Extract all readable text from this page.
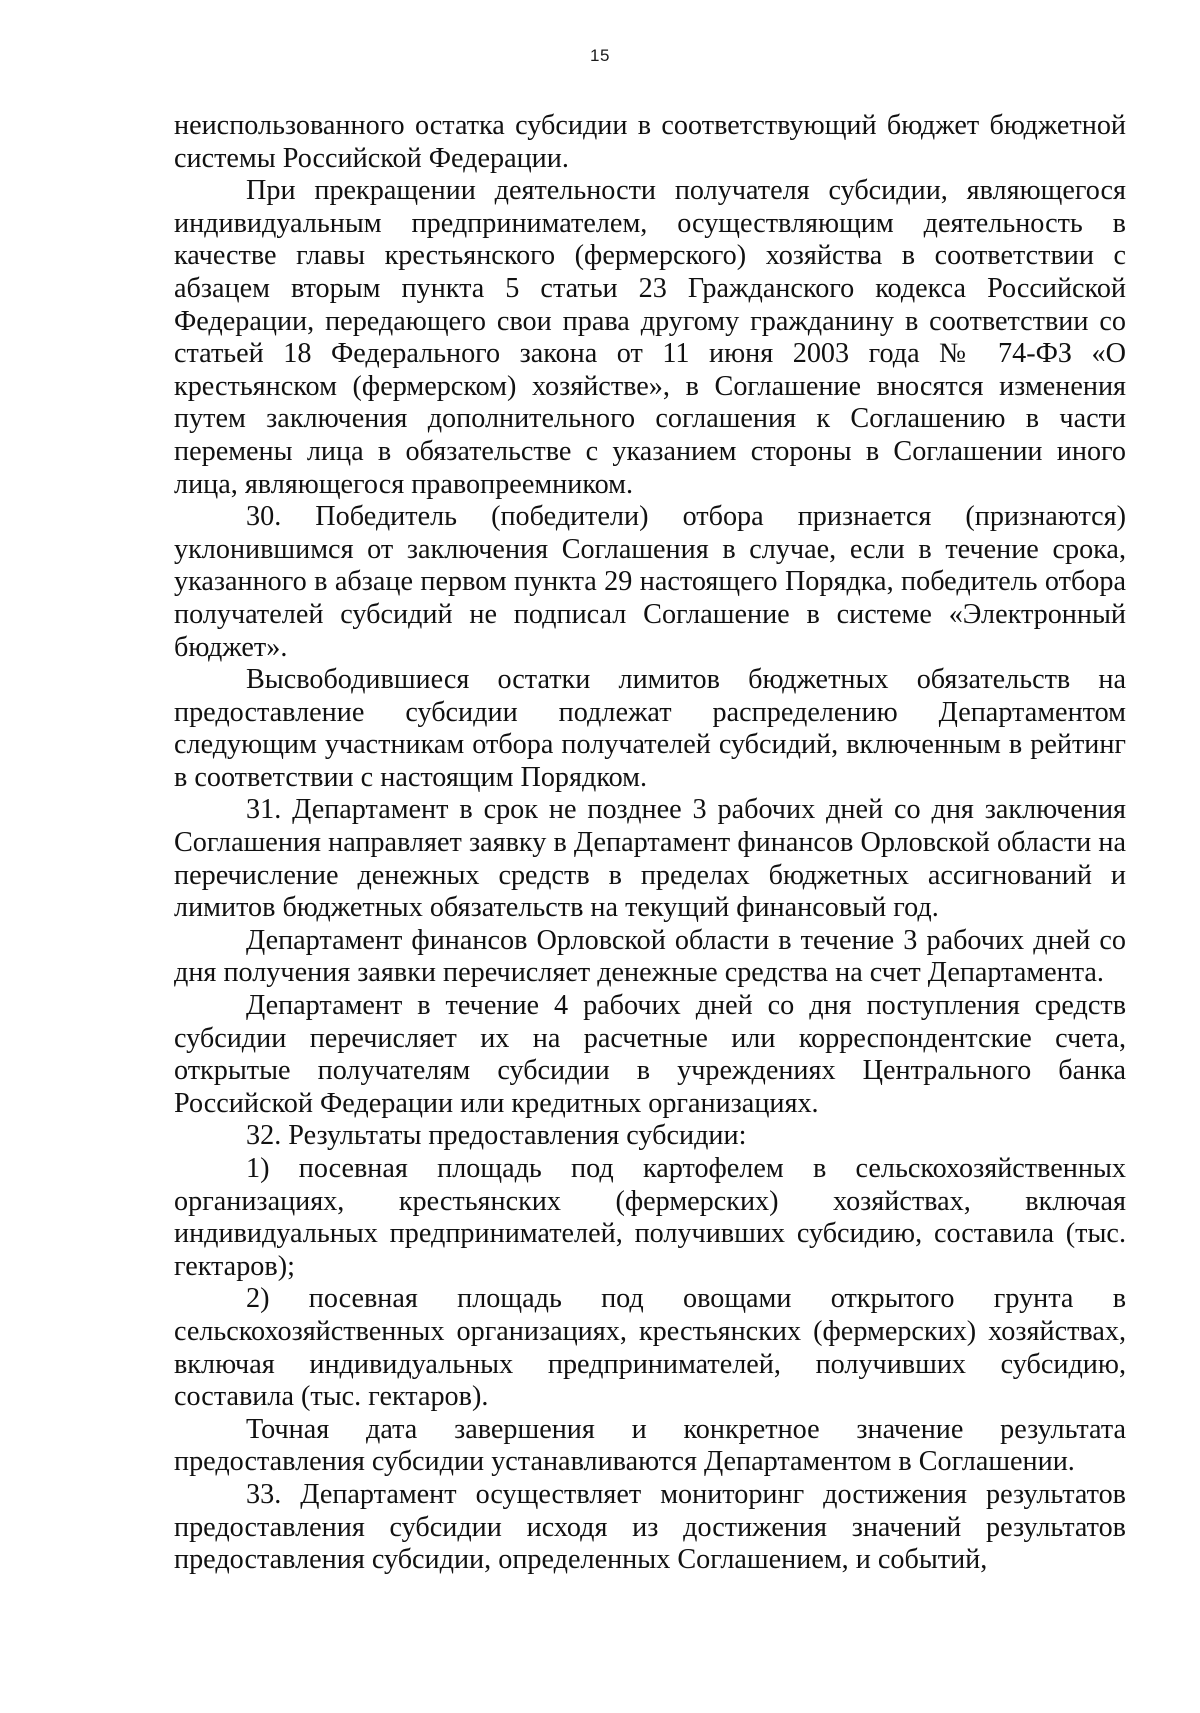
15

неиспользованного остатка субсидии в соответствующий бюджет бюджетной системы Российской Федерации.

При прекращении деятельности получателя субсидии, являющегося индивидуальным предпринимателем, осуществляющим деятельность в качестве главы крестьянского (фермерского) хозяйства в соответствии с абзацем вторым пункта 5 статьи 23 Гражданского кодекса Российской Федерации, передающего свои права другому гражданину в соответствии со статьей 18 Федерального закона от 11 июня 2003 года № 74-ФЗ «О крестьянском (фермерском) хозяйстве», в Соглашение вносятся изменения путем заключения дополнительного соглашения к Соглашению в части перемены лица в обязательстве с указанием стороны в Соглашении иного лица, являющегося правопреемником.

30. Победитель (победители) отбора признается (признаются) уклонившимся от заключения Соглашения в случае, если в течение срока, указанного в абзаце первом пункта 29 настоящего Порядка, победитель отбора получателей субсидий не подписал Соглашение в системе «Электронный бюджет».

Высвободившиеся остатки лимитов бюджетных обязательств на предоставление субсидии подлежат распределению Департаментом следующим участникам отбора получателей субсидий, включенным в рейтинг в соответствии с настоящим Порядком.

31. Департамент в срок не позднее 3 рабочих дней со дня заключения Соглашения направляет заявку в Департамент финансов Орловской области на перечисление денежных средств в пределах бюджетных ассигнований и лимитов бюджетных обязательств на текущий финансовый год.

Департамент финансов Орловской области в течение 3 рабочих дней со дня получения заявки перечисляет денежные средства на счет Департамента.

Департамент в течение 4 рабочих дней со дня поступления средств субсидии перечисляет их на расчетные или корреспондентские счета, открытые получателям субсидии в учреждениях Центрального банка Российской Федерации или кредитных организациях.

32. Результаты предоставления субсидии:

1) посевная площадь под картофелем в сельскохозяйственных организациях, крестьянских (фермерских) хозяйствах, включая индивидуальных предпринимателей, получивших субсидию, составила (тыс. гектаров);

2) посевная площадь под овощами открытого грунта в сельскохозяйственных организациях, крестьянских (фермерских) хозяйствах, включая индивидуальных предпринимателей, получивших субсидию, составила (тыс. гектаров).

Точная дата завершения и конкретное значение результата предоставления субсидии устанавливаются Департаментом в Соглашении.

33. Департамент осуществляет мониторинг достижения результатов предоставления субсидии исходя из достижения значений результатов предоставления субсидии, определенных Соглашением, и событий,
